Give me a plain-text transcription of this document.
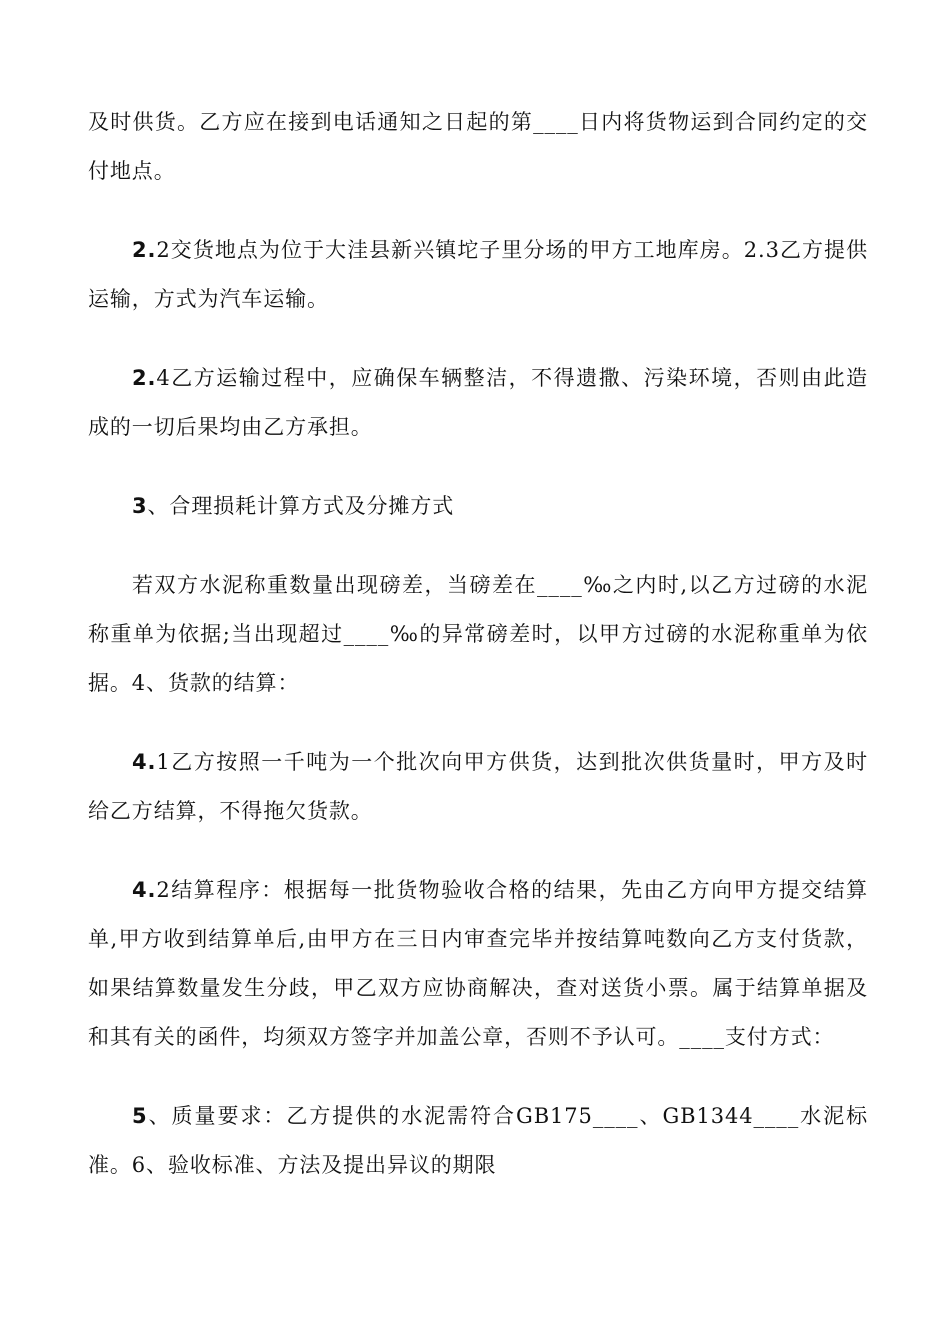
及时供货。乙方应在接到电话通知之日起的第____日内将货物运到合同约定的交付地点。

2.2交货地点为位于大洼县新兴镇坨子里分场的甲方工地库房。2.3乙方提供运输，方式为汽车运输。

2.4乙方运输过程中，应确保车辆整洁，不得遗撒、污染环境，否则由此造成的一切后果均由乙方承担。

3、合理损耗计算方式及分摊方式

若双方水泥称重数量出现磅差，当磅差在____‰之内时,以乙方过磅的水泥称重单为依据;当出现超过____‰的异常磅差时，以甲方过磅的水泥称重单为依据。4、货款的结算：

4.1乙方按照一千吨为一个批次向甲方供货，达到批次供货量时，甲方及时给乙方结算，不得拖欠货款。

4.2结算程序：根据每一批货物验收合格的结果，先由乙方向甲方提交结算单,甲方收到结算单后,由甲方在三日内审查完毕并按结算吨数向乙方支付货款，如果结算数量发生分歧，甲乙双方应协商解决，查对送货小票。属于结算单据及和其有关的函件，均须双方签字并加盖公章，否则不予认可。____支付方式：

5、质量要求：乙方提供的水泥需符合GB175____、GB1344____水泥标准。6、验收标准、方法及提出异议的期限
